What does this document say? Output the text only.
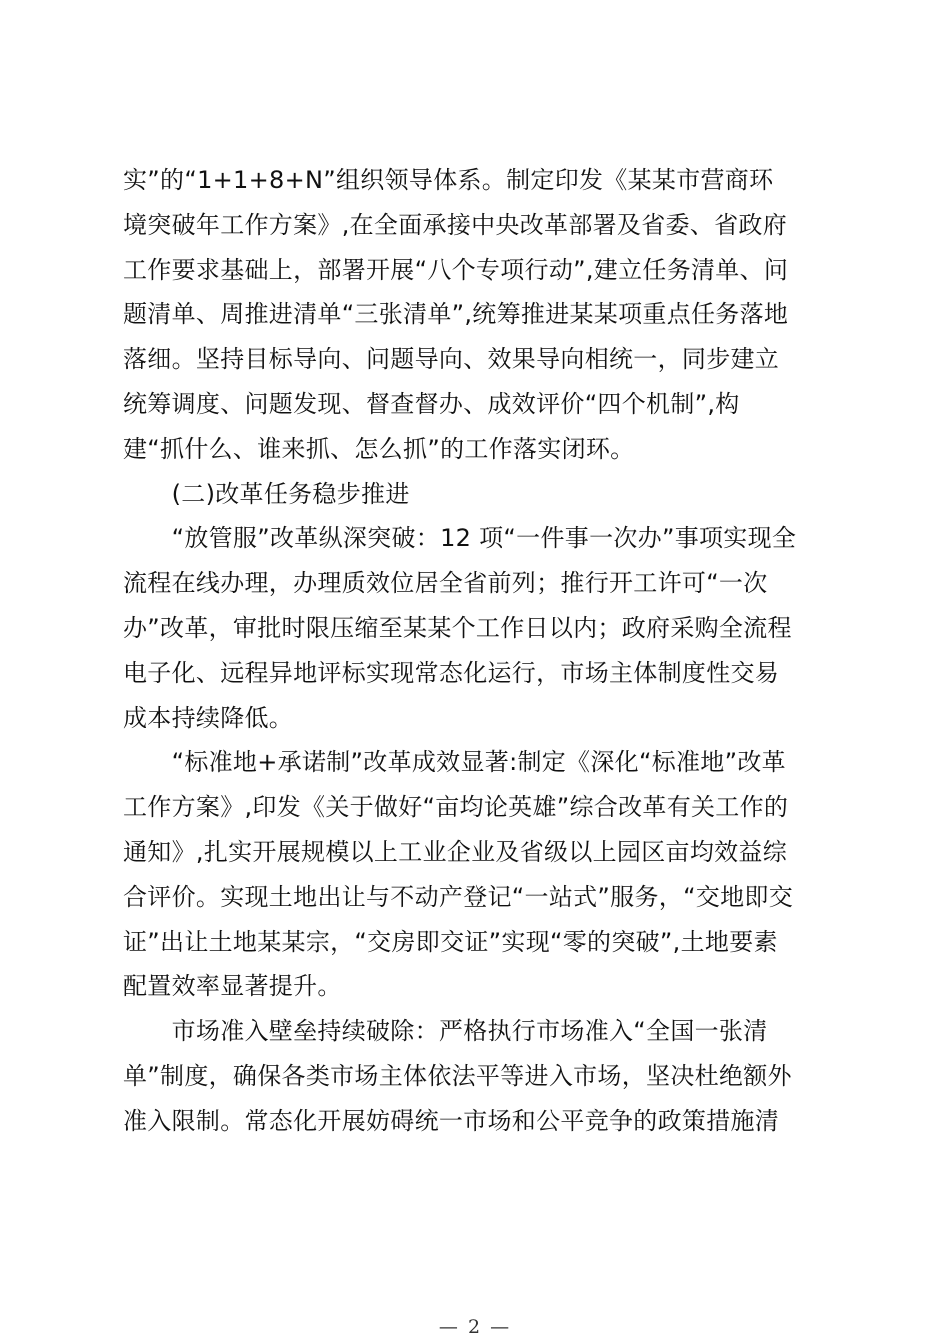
实”的“1+1+8+N”组织领导体系。制定印发《某某市营商环
境突破年工作方案》,在全面承接中央改革部署及省委、省政府
工作要求基础上，部署开展“八个专项行动”,建立任务清单、问
题清单、周推进清单“三张清单”,统筹推进某某项重点任务落地
落细。坚持目标导向、问题导向、效果导向相统一，同步建立
统筹调度、问题发现、督查督办、成效评价“四个机制”,构
建“抓什么、谁来抓、怎么抓”的工作落实闭环。
　　(二)改革任务稳步推进
　　“放管服”改革纵深突破：12 项“一件事一次办”事项实现全
流程在线办理，办理质效位居全省前列；推行开工许可“一次
办”改革，审批时限压缩至某某个工作日以内；政府采购全流程
电子化、远程异地评标实现常态化运行，市场主体制度性交易
成本持续降低。
　　“标准地+承诺制”改革成效显著:制定《深化“标准地”改革
工作方案》,印发《关于做好“亩均论英雄”综合改革有关工作的
通知》,扎实开展规模以上工业企业及省级以上园区亩均效益综
合评价。实现土地出让与不动产登记“一站式”服务，“交地即交
证”出让土地某某宗，“交房即交证”实现“零的突破”,土地要素
配置效率显著提升。
　　市场准入壁垒持续破除：严格执行市场准入“全国一张清
单”制度，确保各类市场主体依法平等进入市场，坚决杜绝额外
准入限制。常态化开展妨碍统一市场和公平竞争的政策措施清
— 2 —
